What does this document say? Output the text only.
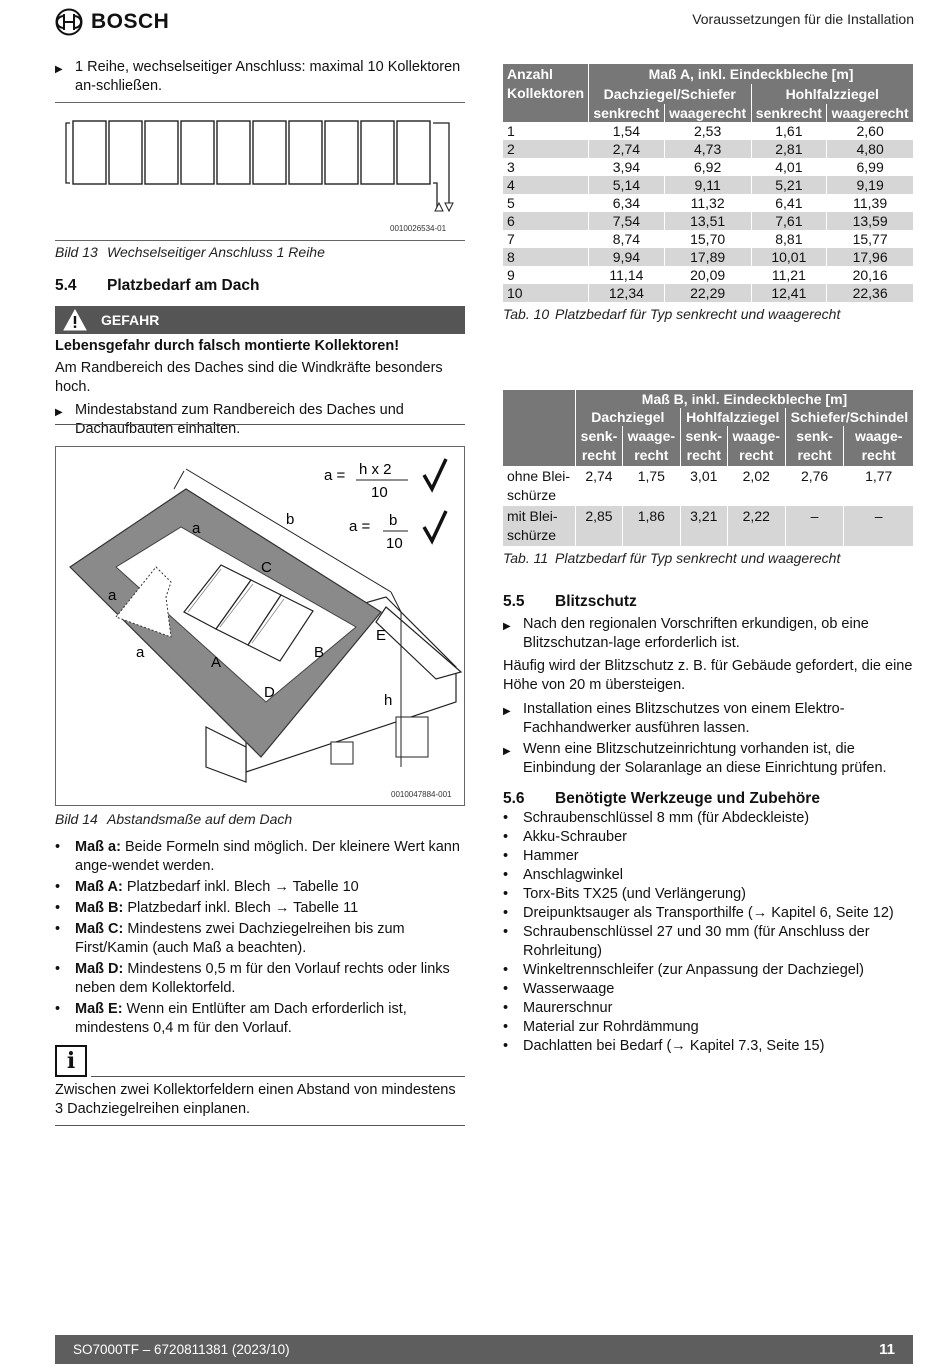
BOSCH	Voraussetzungen für die Installation
▶ 1 Reihe, wechselseitiger Anschluss: maximal 10 Kollektoren an-schließen.
0010026534-01
Bild 13 Wechselseitiger Anschluss 1 Reihe
5.4 Platzbedarf am Dach
GEFAHR
Lebensgefahr durch falsch montierte Kollektoren!
Am Randbereich des Daches sind die Windkräfte besonders hoch.
▶ Mindestabstand zum Randbereich des Daches und Dachaufbauten einhalten.
b
a
C
a
a
A
B
D
E
h
a = h x 2
10
a = b
10
0010047884-001
Bild 14 Abstandsmaße auf dem Dach
•	Maß a: Beide Formeln sind möglich. Der kleinere Wert kann ange-wendet werden.
•	Maß A: Platzbedarf inkl. Blech → Tabelle 10
•	Maß B: Platzbedarf inkl. Blech → Tabelle 11
•	Maß C: Mindestens zwei Dachziegelreihen bis zum First/Kamin (auch Maß a beachten).
•	Maß D: Mindestens 0,5 m für den Vorlauf rechts oder links neben dem Kollektorfeld.
•	Maß E: Wenn ein Entlüfter am Dach erforderlich ist, mindestens 0,4 m für den Vorlauf.
i
Zwischen zwei Kollektorfeldern einen Abstand von mindestens 3 Dachziegelreihen einplanen.
Anzahl Kollektoren	Maß A, inkl. Eindeckbleche [m]			
	Dachziegel/Schiefer		Hohlfalzziegel	
	senkrecht	waagerecht	senkrecht	waagerecht
1	1,54	2,53	1,61	2,60
2	2,74	4,73	2,81	4,80
3	3,94	6,92	4,01	6,99
4	5,14	9,11	5,21	9,19
5	6,34	11,32	6,41	11,39
6	7,54	13,51	7,61	13,59
7	8,74	15,70	8,81	15,77
8	9,94	17,89	10,01	17,96
9	11,14	20,09	11,21	20,16
10	12,34	22,29	12,41	22,36
Tab. 10 Platzbedarf für Typ senkrecht und waagerecht
	Maß B, inkl. Eindeckbleche [m]					
	Dachziegel		Hohlfalzziegel		Schiefer/Schindel	
	senk-recht	waage-recht	senk-recht	waage-recht	senk-recht	waage-recht
ohne Blei-schürze	2,74	1,75	3,01	2,02	2,76	1,77
mit Blei-schürze	2,85	1,86	3,21	2,22	–	–
Tab. 11 Platzbedarf für Typ senkrecht und waagerecht
5.5 Blitzschutz
▶ Nach den regionalen Vorschriften erkundigen, ob eine Blitzschutzan-lage erforderlich ist.
Häufig wird der Blitzschutz z. B. für Gebäude gefordert, die eine Höhe von 20 m übersteigen.
▶ Installation eines Blitzschutzes von einem Elektro-Fachhandwerker ausführen lassen.
▶ Wenn eine Blitzschutzeinrichtung vorhanden ist, die Einbindung der Solaranlage an diese Einrichtung prüfen.
5.6 Benötigte Werkzeuge und Zubehöre
•	Schraubenschlüssel 8 mm (für Abdeckleiste)
•	Akku-Schrauber
•	Hammer
•	Anschlagwinkel
•	Torx-Bits TX25 (und Verlängerung)
•	Dreipunktsauger als Transporthilfe (→ Kapitel 6, Seite 12)
•	Schraubenschlüssel 27 und 30 mm (für Anschluss der Rohrleitung)
•	Winkeltrennschleifer (zur Anpassung der Dachziegel)
•	Wasserwaage
•	Maurerschnur
•	Material zur Rohrdämmung
•	Dachlatten bei Bedarf (→ Kapitel 7.3, Seite 15)
SO7000TF – 6720811381 (2023/10)	11
